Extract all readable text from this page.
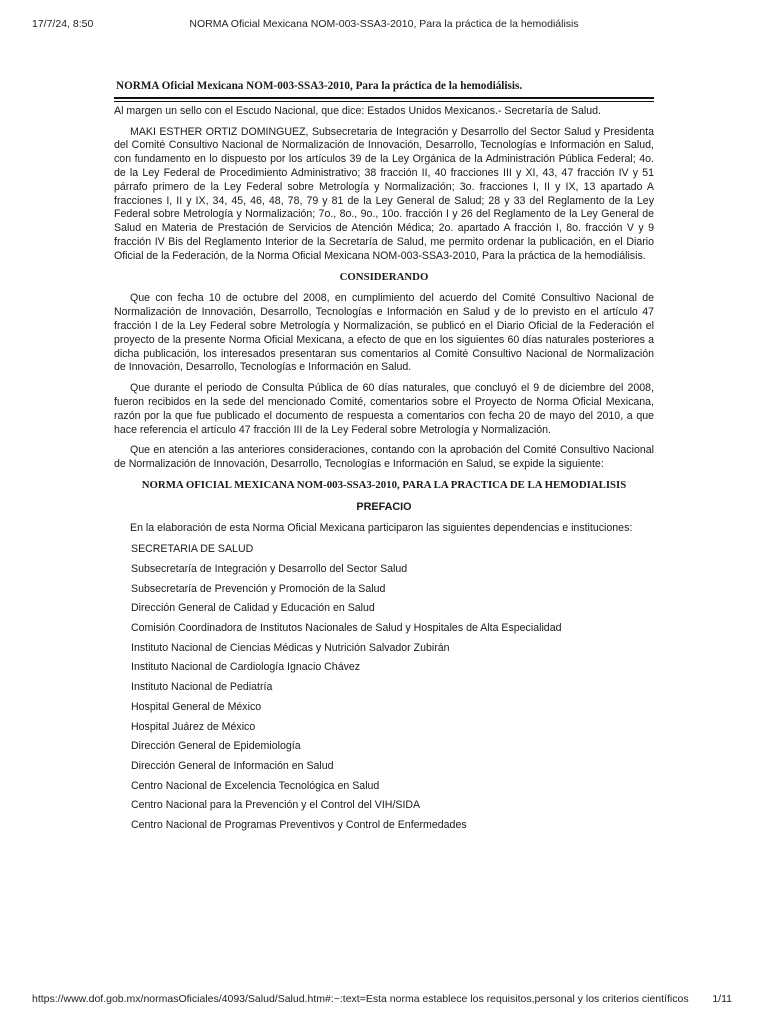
17/7/24, 8:50	NORMA Oficial Mexicana NOM-003-SSA3-2010, Para la práctica de la hemodiálisis
NORMA Oficial Mexicana NOM-003-SSA3-2010, Para la práctica de la hemodiálisis.

Al margen un sello con el Escudo Nacional, que dice: Estados Unidos Mexicanos.- Secretaría de Salud.

MAKI ESTHER ORTIZ DOMINGUEZ, Subsecretaria de Integración y Desarrollo del Sector Salud y Presidenta del Comité Consultivo Nacional de Normalización de Innovación, Desarrollo, Tecnologías e Información en Salud, con fundamento en lo dispuesto por los artículos 39 de la Ley Orgánica de la Administración Pública Federal; 4o. de la Ley Federal de Procedimiento Administrativo; 38 fracción II, 40 fracciones III y XI, 43, 47 fracción IV y 51 párrafo primero de la Ley Federal sobre Metrología y Normalización; 3o. fracciones I, II y IX, 13 apartado A fracciones I, II y IX, 34, 45, 46, 48, 78, 79 y 81 de la Ley General de Salud; 28 y 33 del Reglamento de la Ley Federal sobre Metrología y Normalización; 7o., 8o., 9o., 10o. fracción I y 26 del Reglamento de la Ley General de Salud en Materia de Prestación de Servicios de Atención Médica; 2o. apartado A fracción I, 8o. fracción V y 9 fracción IV Bis del Reglamento Interior de la Secretaría de Salud, me permito ordenar la publicación, en el Diario Oficial de la Federación, de la Norma Oficial Mexicana NOM-003-SSA3-2010, Para la práctica de la hemodiálisis.

CONSIDERANDO

Que con fecha 10 de octubre del 2008, en cumplimiento del acuerdo del Comité Consultivo Nacional de Normalización de Innovación, Desarrollo, Tecnologías e Información en Salud y de lo previsto en el artículo 47 fracción I de la Ley Federal sobre Metrología y Normalización, se publicó en el Diario Oficial de la Federación el proyecto de la presente Norma Oficial Mexicana, a efecto de que en los siguientes 60 días naturales posteriores a dicha publicación, los interesados presentaran sus comentarios al Comité Consultivo Nacional de Normalización de Innovación, Desarrollo, Tecnologías e Información en Salud.

Que durante el periodo de Consulta Pública de 60 días naturales, que concluyó el 9 de diciembre del 2008, fueron recibidos en la sede del mencionado Comité, comentarios sobre el Proyecto de Norma Oficial Mexicana, razón por la que fue publicado el documento de respuesta a comentarios con fecha 20 de mayo del 2010, a que hace referencia el artículo 47 fracción III de la Ley Federal sobre Metrología y Normalización.

Que en atención a las anteriores consideraciones, contando con la aprobación del Comité Consultivo Nacional de Normalización de Innovación, Desarrollo, Tecnologías e Información en Salud, se expide la siguiente:

NORMA OFICIAL MEXICANA NOM-003-SSA3-2010, PARA LA PRACTICA DE LA HEMODIALISIS
PREFACIO

En la elaboración de esta Norma Oficial Mexicana participaron las siguientes dependencias e instituciones:

SECRETARIA DE SALUD
Subsecretaría de Integración y Desarrollo del Sector Salud
Subsecretaría de Prevención y Promoción de la Salud
Dirección General de Calidad y Educación en Salud
Comisión Coordinadora de Institutos Nacionales de Salud y Hospitales de Alta Especialidad
Instituto Nacional de Ciencias Médicas y Nutrición Salvador Zubirán
Instituto Nacional de Cardiología Ignacio Chávez
Instituto Nacional de Pediatría
Hospital General de México
Hospital Juárez de México
Dirección General de Epidemiología
Dirección General de Información en Salud
Centro Nacional de Excelencia Tecnológica en Salud
Centro Nacional para la Prevención y el Control del VIH/SIDA
Centro Nacional de Programas Preventivos y Control de Enfermedades
https://www.dof.gob.mx/normasOficiales/4093/Salud/Salud.htm#:~:text=Esta norma establece los requisitos,personal y los criterios científicos 1/11
